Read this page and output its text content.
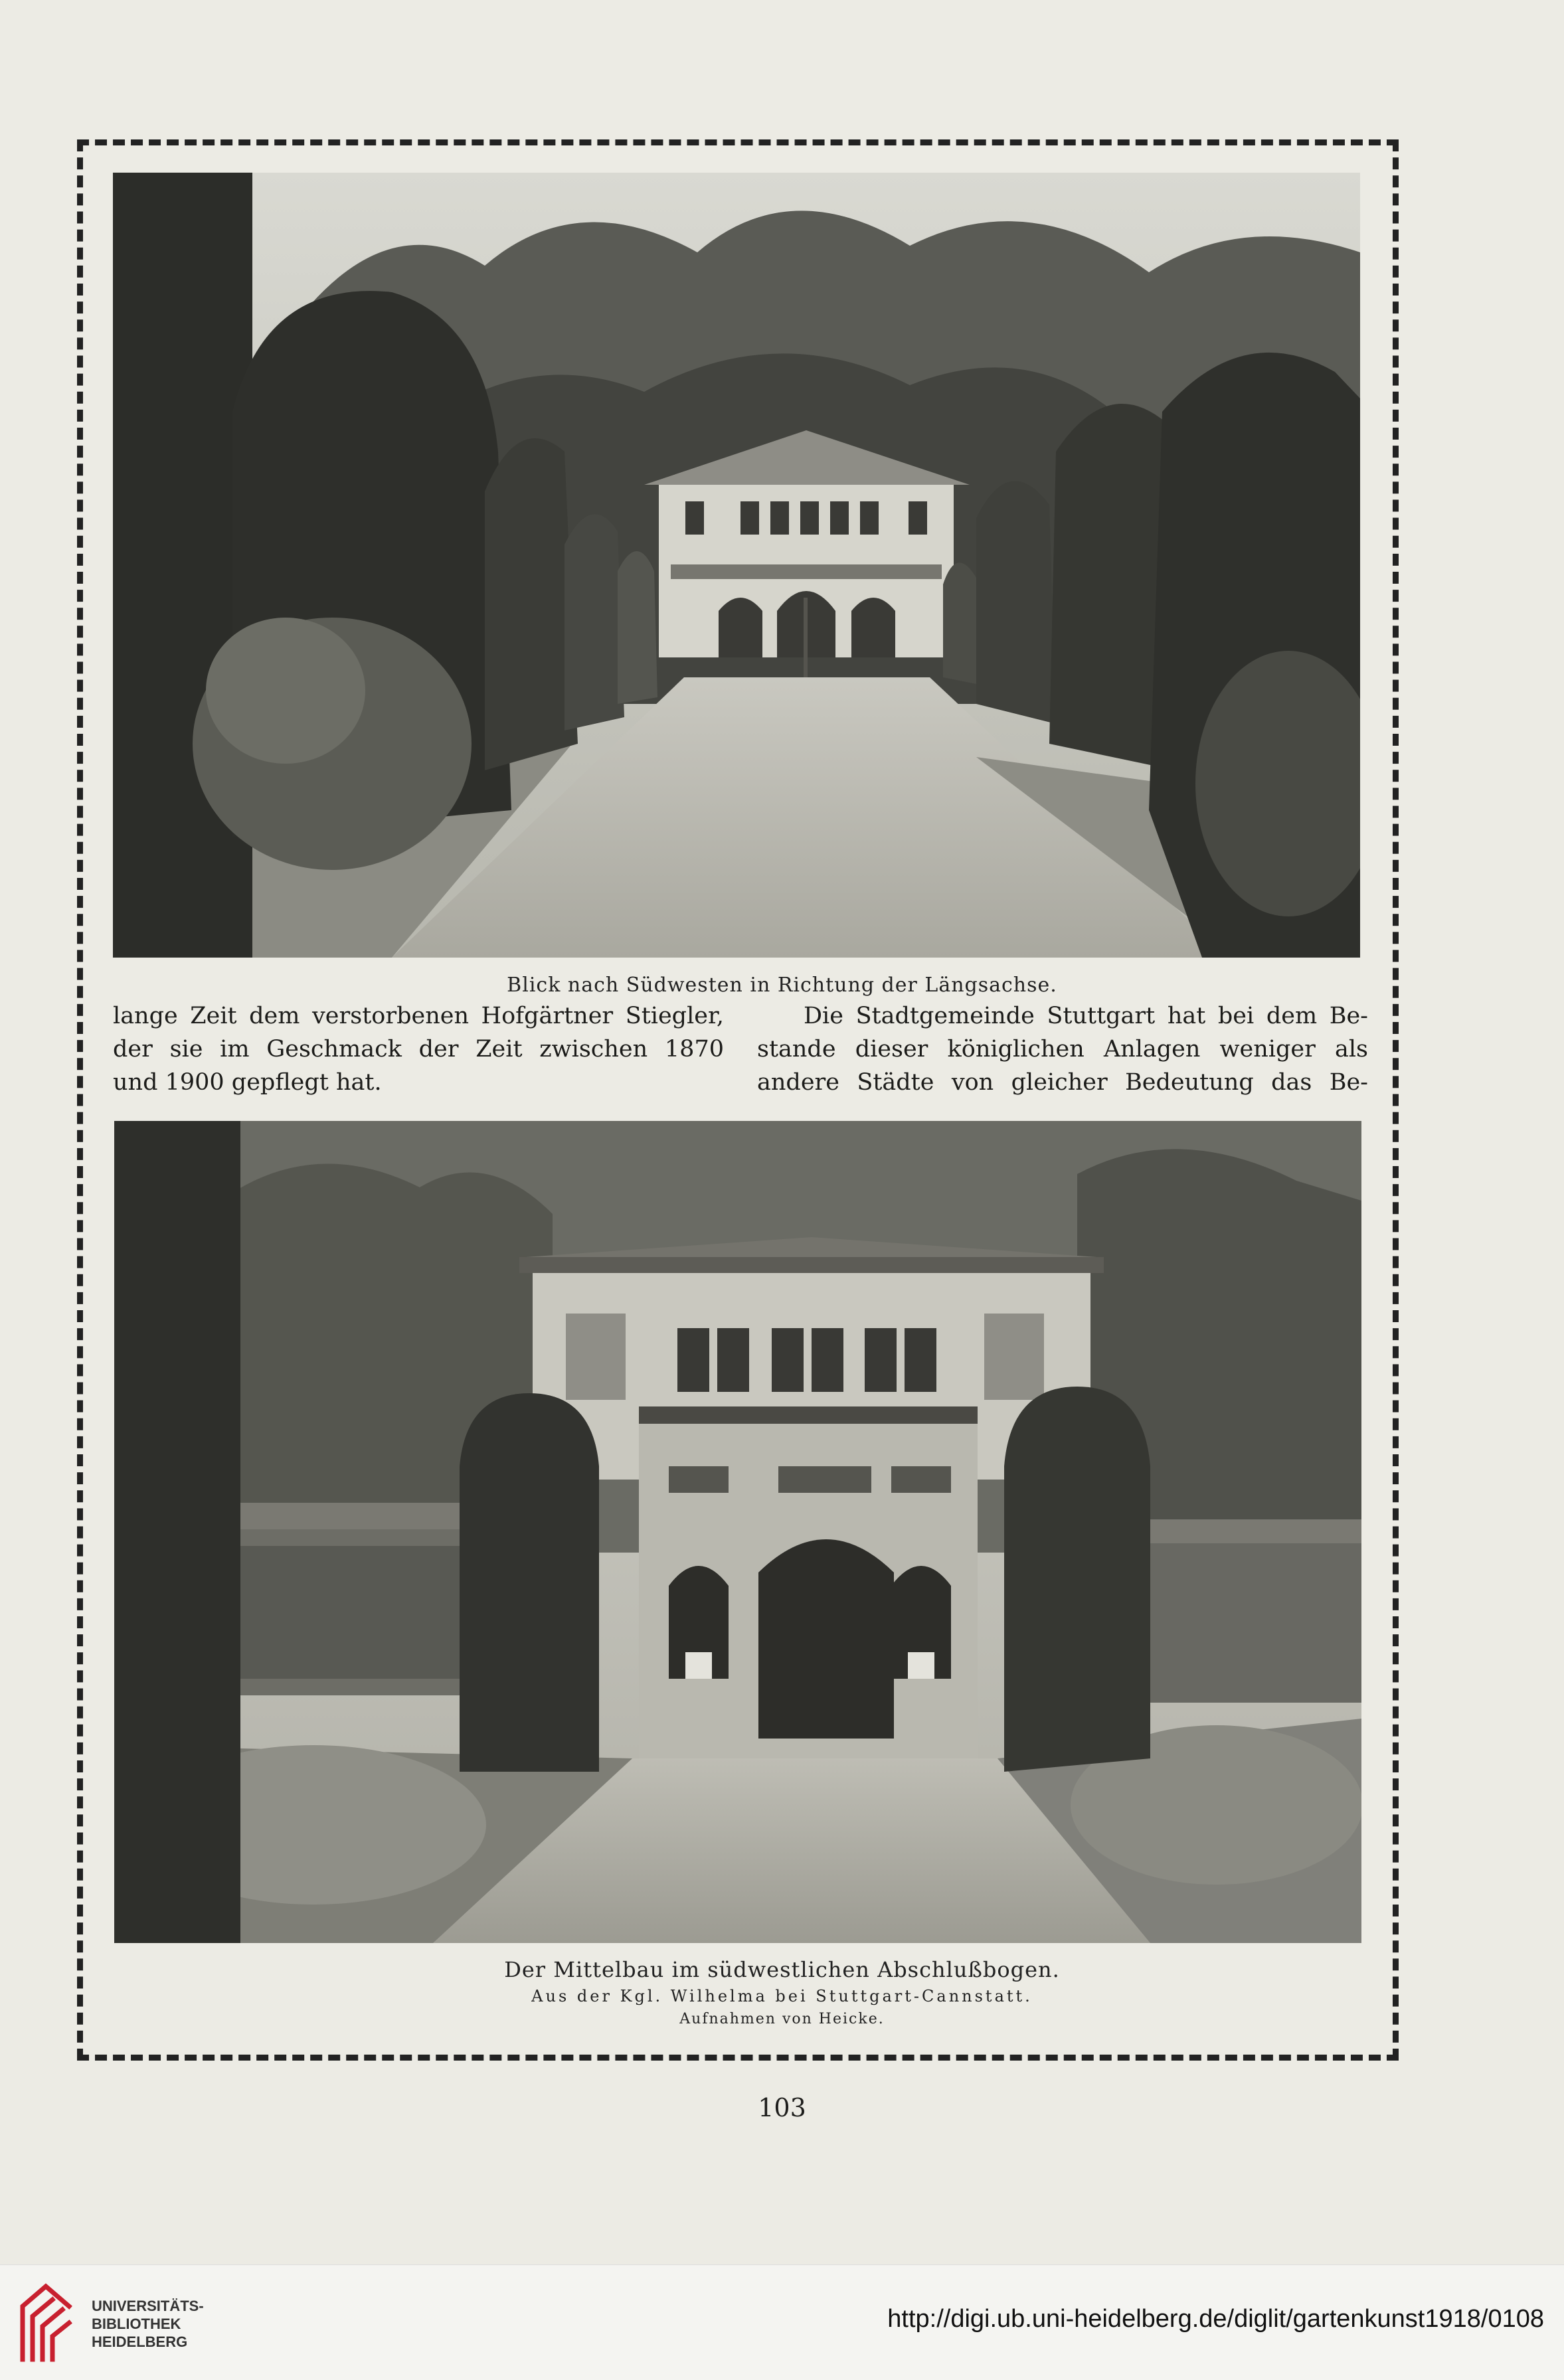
Blick nach Südwesten in Richtung der Längsachse.
lange Zeit dem verstorbenen Hofgärtner Stiegler,
der sie im Geschmack der Zeit zwischen 1870
und 1900 gepflegt hat.
Die Stadtgemeinde Stuttgart hat bei dem Be-
stande dieser königlichen Anlagen weniger als
andere Städte von gleicher Bedeutung das Be-
Der Mittelbau im südwestlichen Abschlußbogen.
Aus der Kgl. Wilhelma bei Stuttgart-Cannstatt.
Aufnahmen von Heicke.
103
UNIVERSITÄTS-
BIBLIOTHEK
HEIDELBERG
http://digi.ub.uni-heidelberg.de/diglit/gartenkunst1918/0108
